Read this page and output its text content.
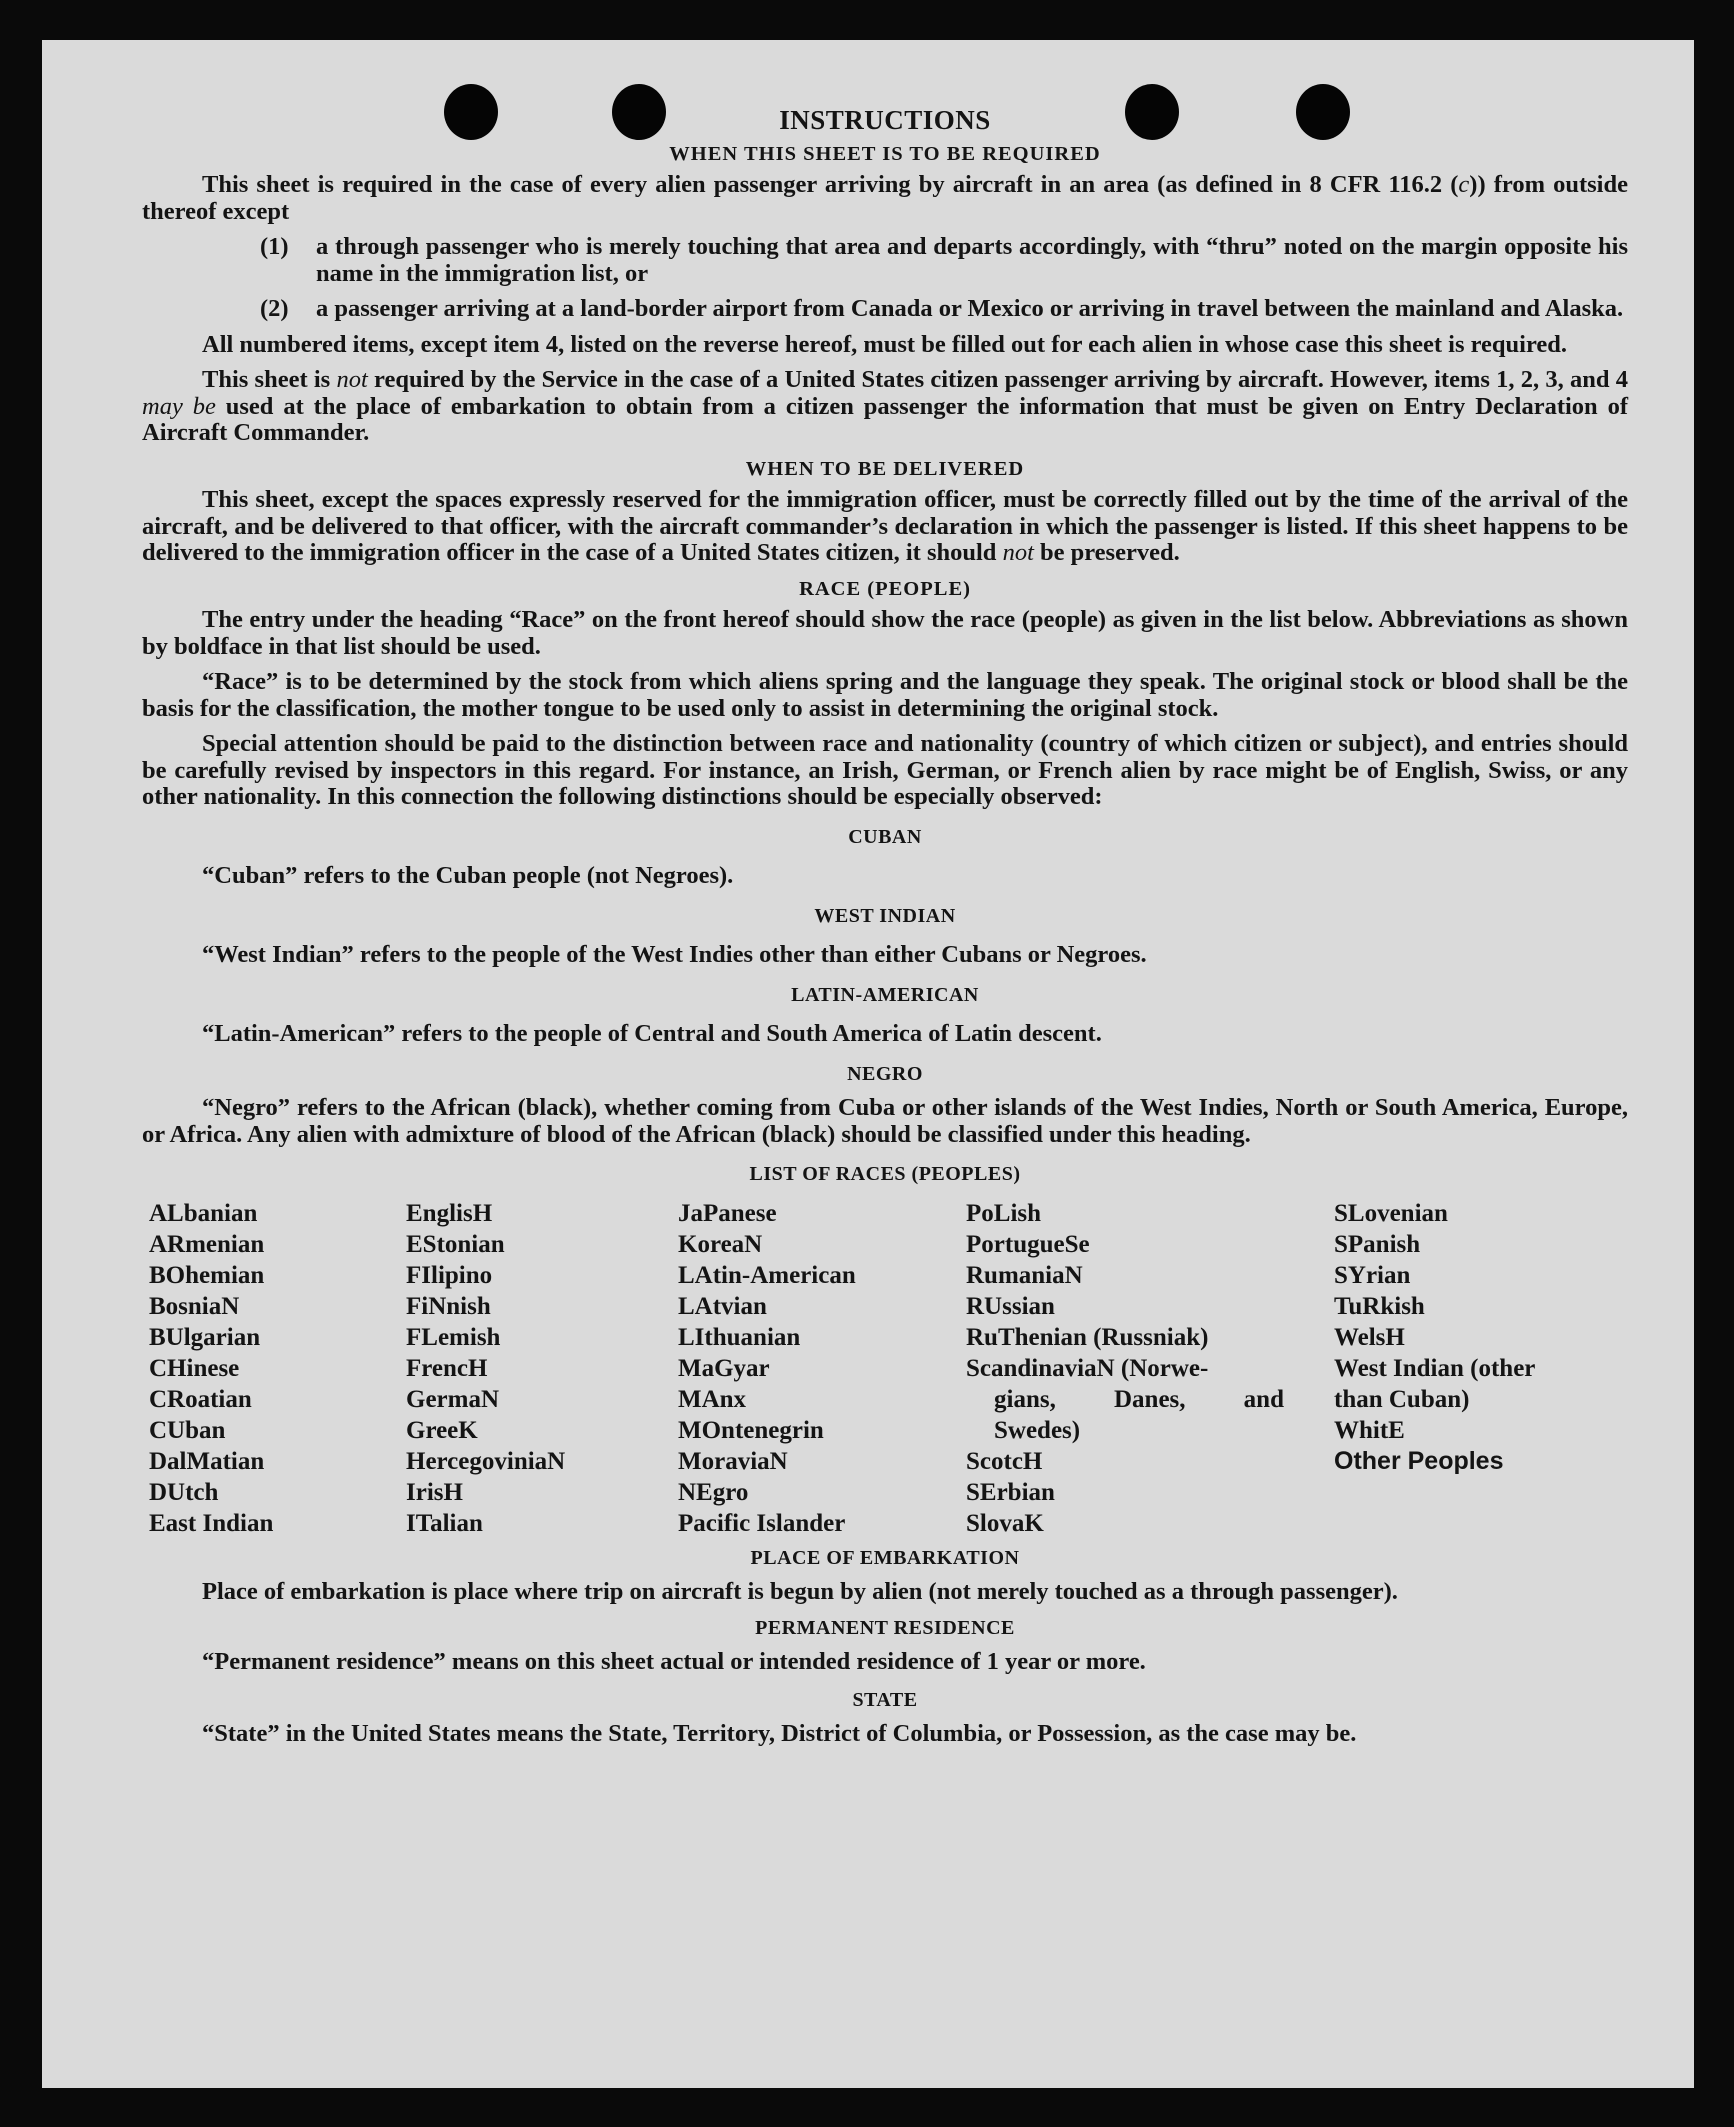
INSTRUCTIONS
WHEN THIS SHEET IS TO BE REQUIRED

This sheet is required in the case of every alien passenger arriving by aircraft in an area (as defined in 8 CFR 116.2 (c)) from outside thereof except

(1)	a through passenger who is merely touching that area and departs accordingly, with “thru” noted on the margin opposite his name in the immigration list, or
(2)	a passenger arriving at a land-border airport from Canada or Mexico or arriving in travel between the mainland and Alaska.

All numbered items, except item 4, listed on the reverse hereof, must be filled out for each alien in whose case this sheet is required.

This sheet is not required by the Service in the case of a United States citizen passenger arriving by aircraft. However, items 1, 2, 3, and 4 may be used at the place of embarkation to obtain from a citizen passenger the information that must be given on Entry Declaration of Aircraft Commander.

WHEN TO BE DELIVERED

This sheet, except the spaces expressly reserved for the immigration officer, must be correctly filled out by the time of the arrival of the aircraft, and be delivered to that officer, with the aircraft commander’s declaration in which the passenger is listed. If this sheet happens to be delivered to the immigration officer in the case of a United States citizen, it should not be preserved.

RACE (PEOPLE)

The entry under the heading “Race” on the front hereof should show the race (people) as given in the list below. Abbreviations as shown by boldface in that list should be used.

“Race” is to be determined by the stock from which aliens spring and the language they speak. The original stock or blood shall be the basis for the classification, the mother tongue to be used only to assist in determining the original stock.

Special attention should be paid to the distinction between race and nationality (country of which citizen or subject), and entries should be carefully revised by inspectors in this regard. For instance, an Irish, German, or French alien by race might be of English, Swiss, or any other nationality. In this connection the following distinctions should be especially observed:

CUBAN
“Cuban” refers to the Cuban people (not Negroes).
WEST INDIAN
“West Indian” refers to the people of the West Indies other than either Cubans or Negroes.
LATIN-AMERICAN
“Latin-American” refers to the people of Central and South America of Latin descent.
NEGRO

“Negro” refers to the African (black), whether coming from Cuba or other islands of the West Indies, North or South America, Europe, or Africa. Any alien with admixture of blood of the African (black) should be classified under this heading.

LIST OF RACES (PEOPLES)
ALbanian
ARmenian
BOhemian
BosniaN
BUlgarian
CHinese
CRoatian
CUban
DalMatian
DUtch
East Indian
EnglisH
EStonian
FIlipino
FiNnish
FLemish
FrencH
GermaN
GreeK
HercegoviniaN
IrisH
ITalian
JaPanese
KoreaN
LAtin-American
LAtvian
LIthuanian
MaGyar
MAnx
MOntenegrin
MoraviaN
NEgro
Pacific Islander
PoLish
PortugueSe
RumaniaN
RUssian
RuThenian (Russniak)
ScandinaviaN (Norwe-
gians, Danes, and
Swedes)
ScotcH
SErbian
SlovaK
SLovenian
SPanish
SYrian
TuRkish
WelsH
West Indian (other
than Cuban)
WhitE
Other Peoples
PLACE OF EMBARKATION

Place of embarkation is place where trip on aircraft is begun by alien (not merely touched as a through passenger).

PERMANENT RESIDENCE
“Permanent residence” means on this sheet actual or intended residence of 1 year or more.
STATE

“State” in the United States means the State, Territory, District of Columbia, or Possession, as the case may be.
